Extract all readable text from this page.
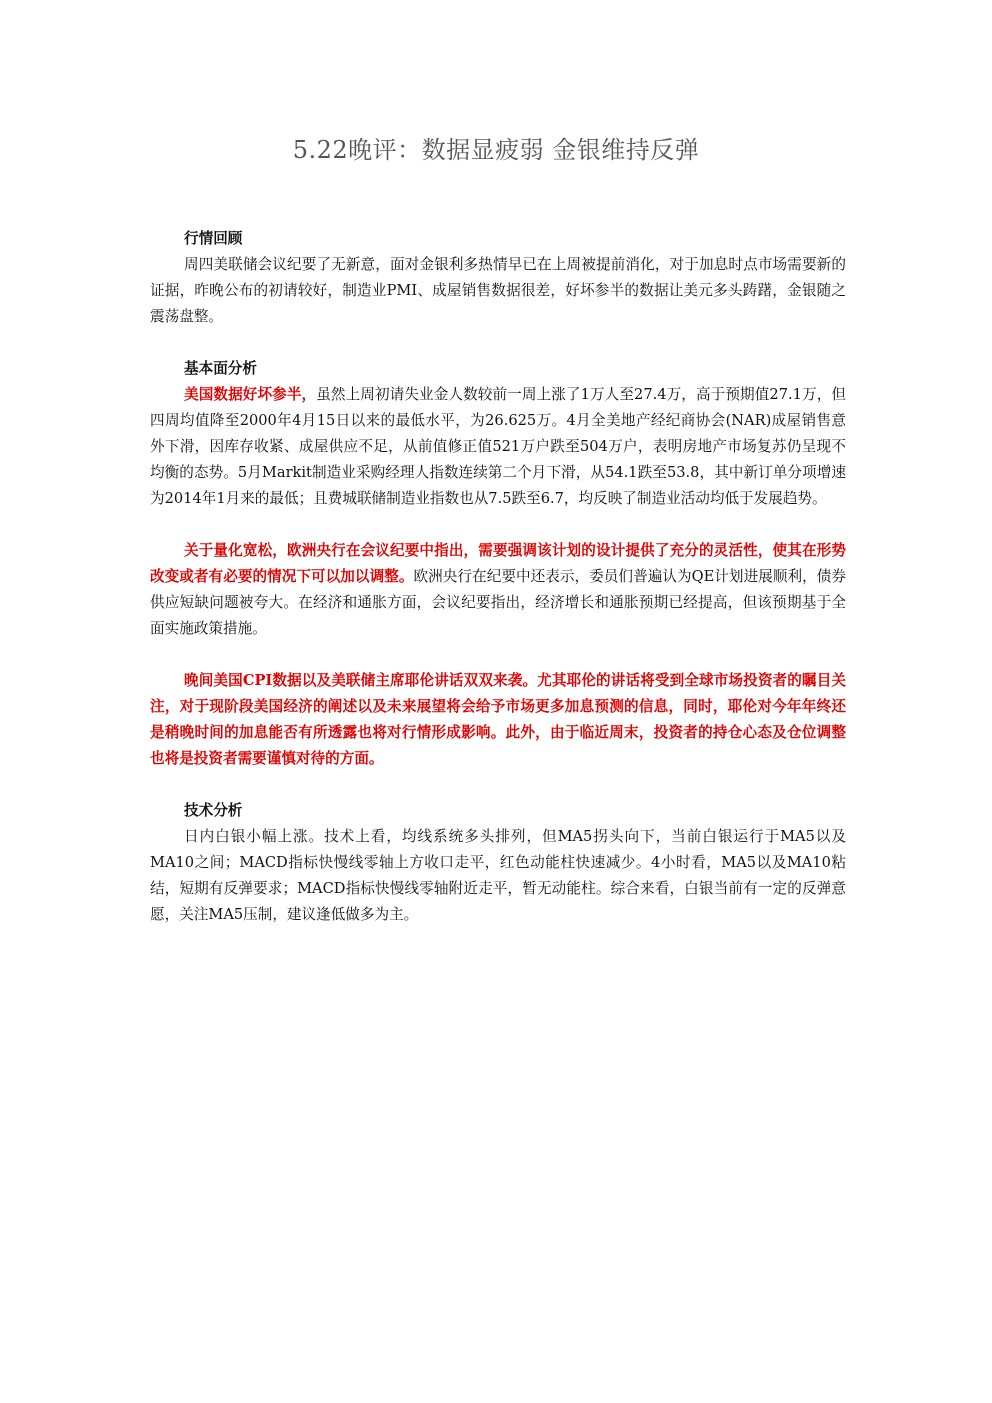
5.22晚评：数据显疲弱 金银维持反弹
行情回顾

周四美联储会议纪要了无新意，面对金银利多热情早已在上周被提前消化，对于加息时点市场需要新的证据，昨晚公布的初请较好，制造业PMI、成屋销售数据很差，好坏参半的数据让美元多头踌躇，金银随之震荡盘整。

基本面分析

美国数据好坏参半，虽然上周初请失业金人数较前一周上涨了1万人至27.4万，高于预期值27.1万，但四周均值降至2000年4月15日以来的最低水平，为26.625万。4月全美地产经纪商协会(NAR)成屋销售意外下滑，因库存收紧、成屋供应不足，从前值修正值521万户跌至504万户，表明房地产市场复苏仍呈现不均衡的态势。5月Markit制造业采购经理人指数连续第二个月下滑，从54.1跌至53.8，其中新订单分项增速为2014年1月来的最低；且费城联储制造业指数也从7.5跌至6.7，均反映了制造业活动均低于发展趋势。

关于量化宽松，欧洲央行在会议纪要中指出，需要强调该计划的设计提供了充分的灵活性，使其在形势改变或者有必要的情况下可以加以调整。欧洲央行在纪要中还表示，委员们普遍认为QE计划进展顺利，债券供应短缺问题被夸大。在经济和通胀方面，会议纪要指出，经济增长和通胀预期已经提高，但该预期基于全面实施政策措施。

晚间美国CPI数据以及美联储主席耶伦讲话双双来袭。尤其耶伦的讲话将受到全球市场投资者的瞩目关注，对于现阶段美国经济的阐述以及未来展望将会给予市场更多加息预测的信息，同时，耶伦对今年年终还是稍晚时间的加息能否有所透露也将对行情形成影响。此外，由于临近周末，投资者的持仓心态及仓位调整也将是投资者需要谨慎对待的方面。

技术分析

日内白银小幅上涨。技术上看，均线系统多头排列，但MA5拐头向下，当前白银运行于MA5以及MA10之间；MACD指标快慢线零轴上方收口走平，红色动能柱快速减少。4小时看，MA5以及MA10粘结，短期有反弹要求；MACD指标快慢线零轴附近走平，暂无动能柱。综合来看，白银当前有一定的反弹意愿，关注MA5压制，建议逢低做多为主。
